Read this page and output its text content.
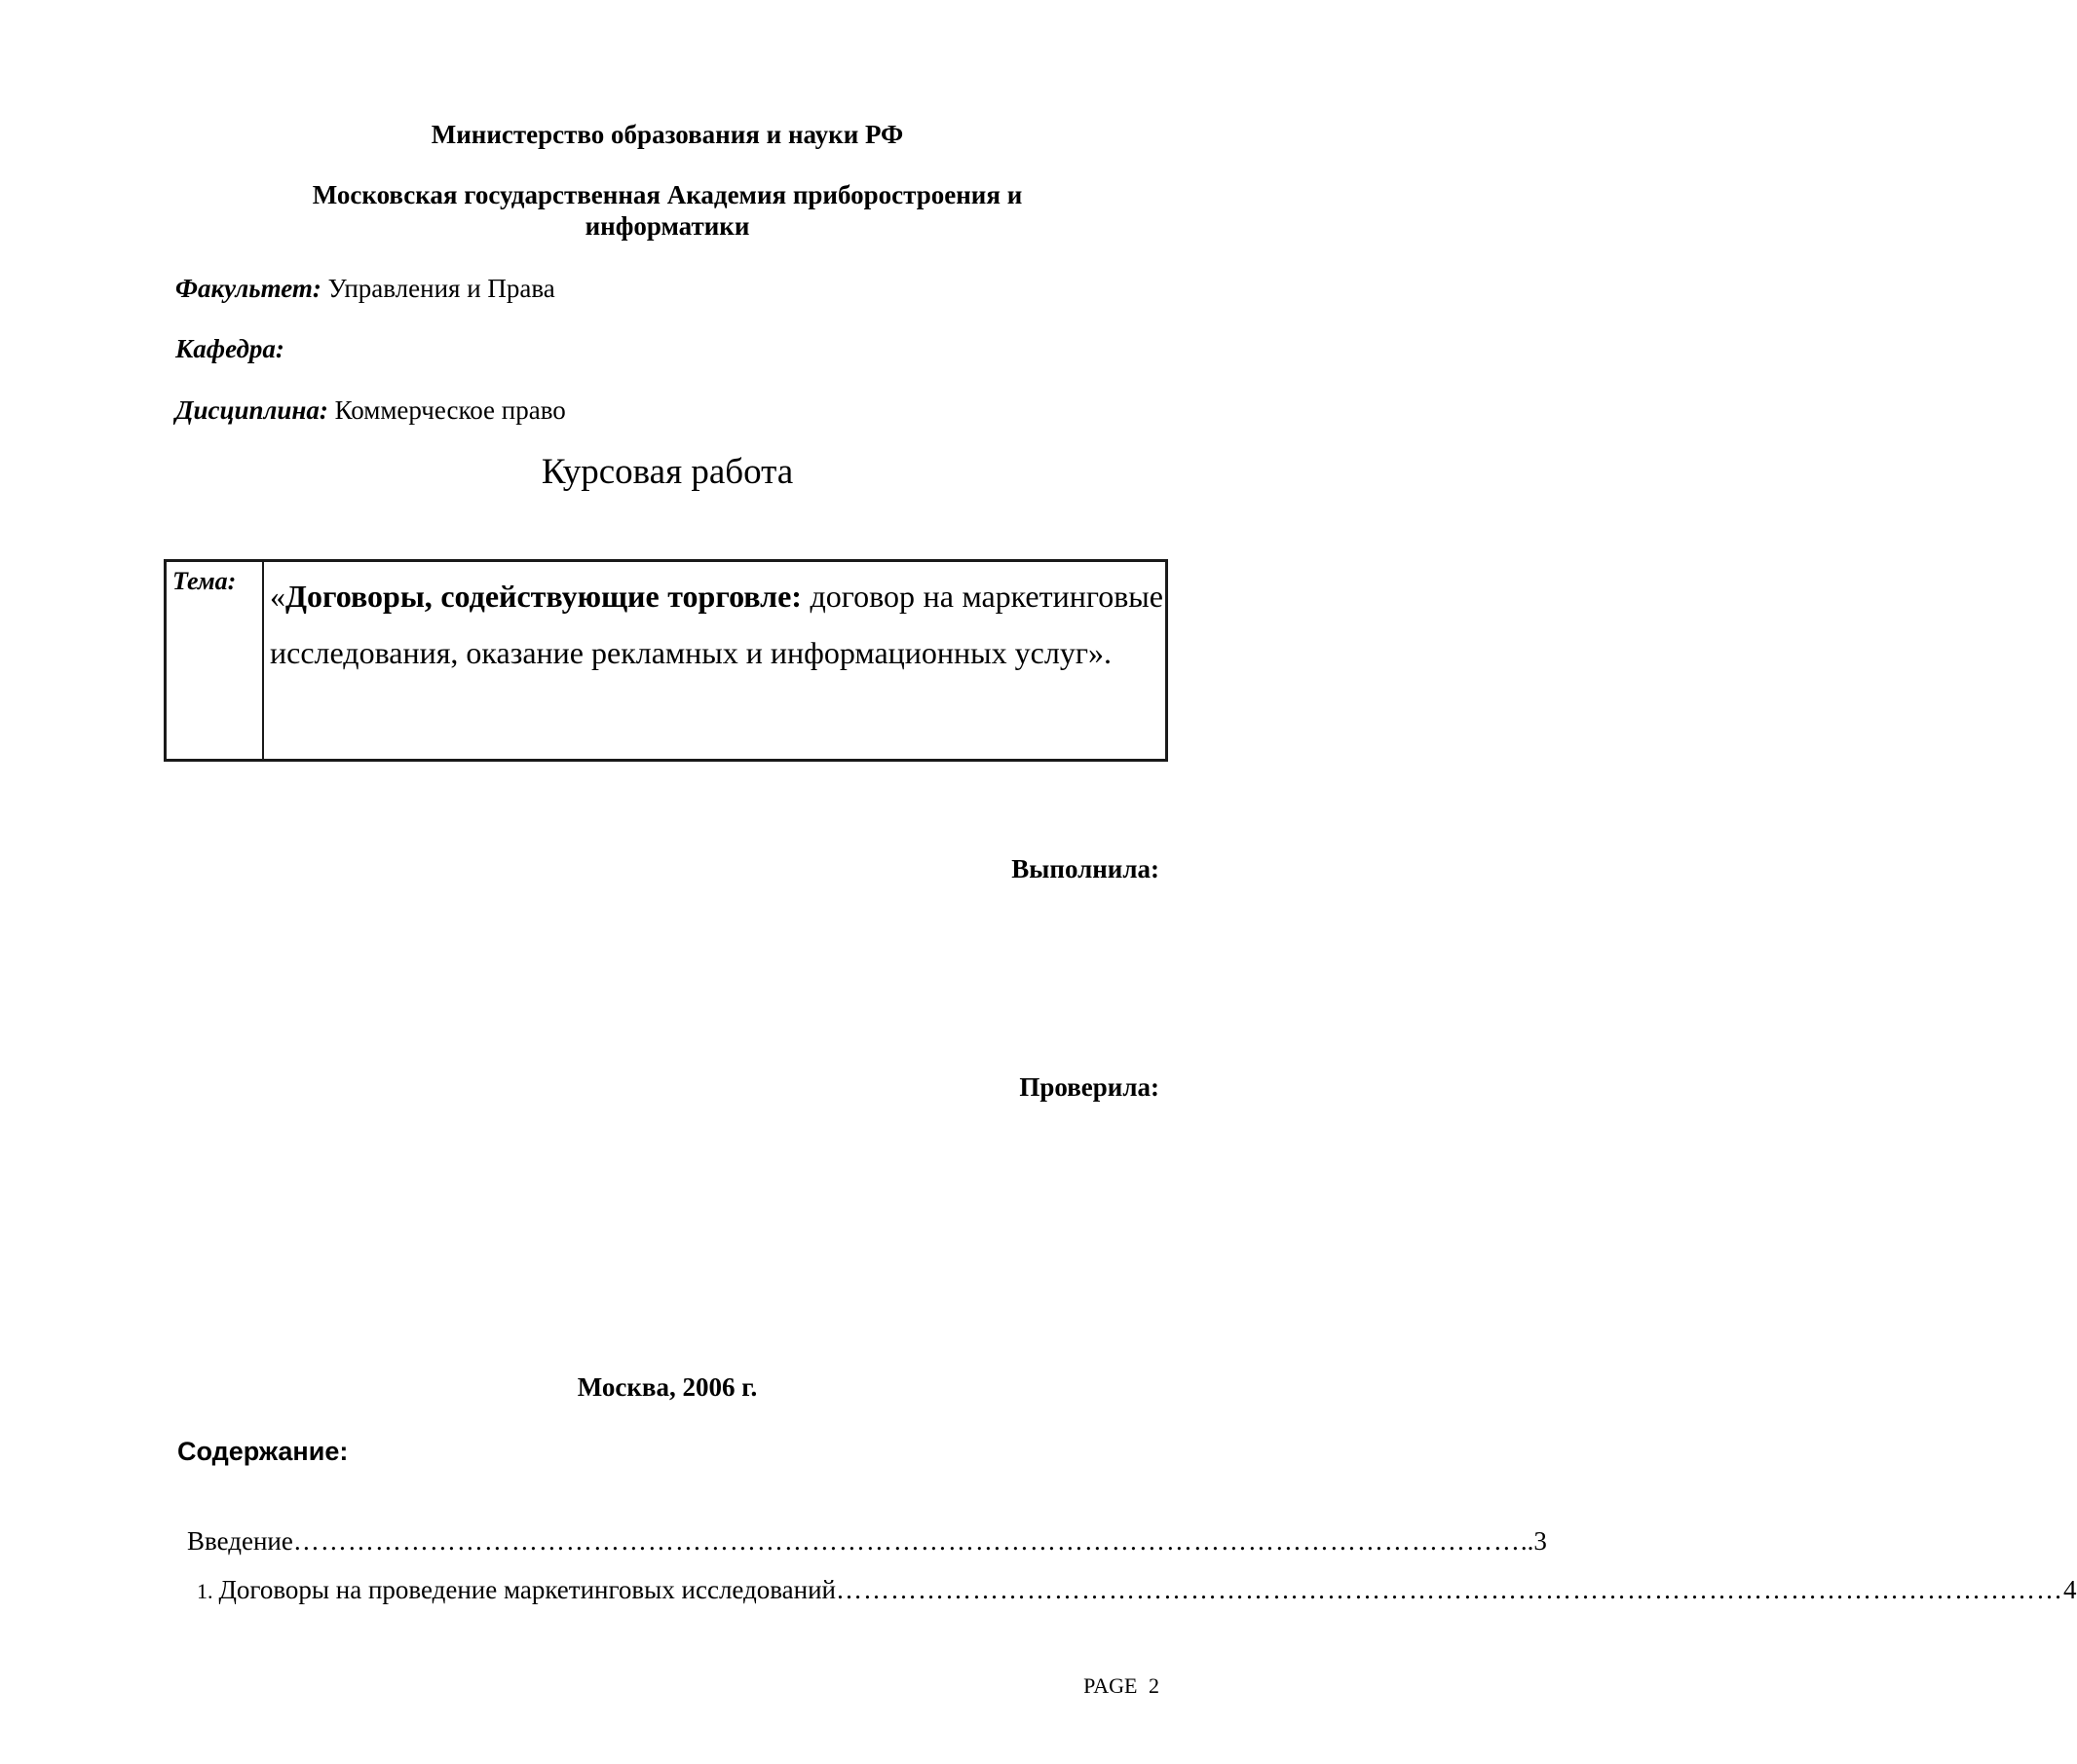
Министерство образования и науки РФ
Московская государственная Академия приборостроения и информатики
Факультет: Управления и Права
Кафедра:
Дисциплина: Коммерческое право
Курсовая работа
Тема: «Договоры, содействующие торговле: договор на маркетинговые исследования, оказание рекламных и информационных услуг».
Выполнила:
Проверила:
Москва, 2006 г.
Содержание:
Введение ……………………………………………………………………………………………………………………… ..3
1. Договоры на проведение маркетинговых исследований ……………………………………………………………………………………………………………………… 4
PAGE 2
